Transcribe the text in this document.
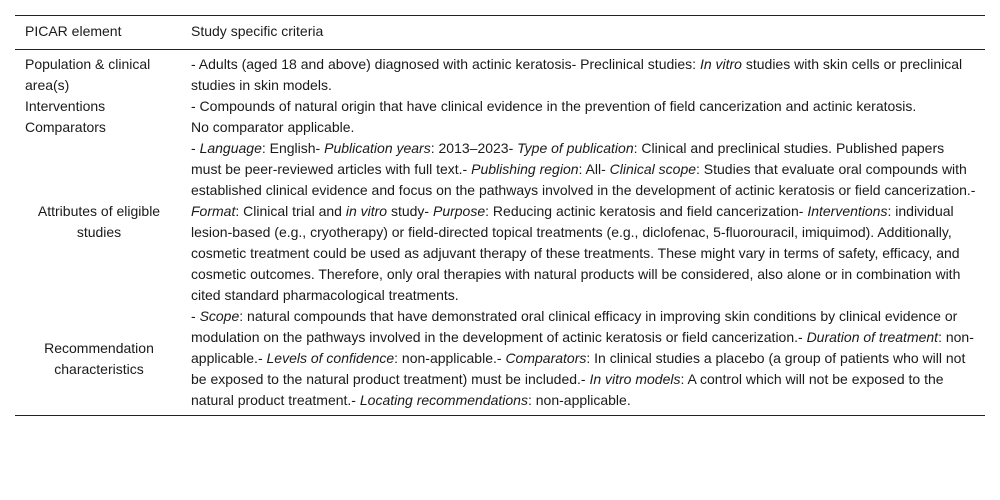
PICAR element	Study specific criteria
Population & clinical area(s)	- Adults (aged 18 and above) diagnosed with actinic keratosis- Preclinical studies: In vitro studies with skin cells or preclinical studies in skin models.
Interventions	- Compounds of natural origin that have clinical evidence in the prevention of field cancerization and actinic keratosis.
Comparators	No comparator applicable.
Attributes of eligible studies	- Language: English- Publication years: 2013–2023- Type of publication: Clinical and preclinical studies. Published papers must be peer-reviewed articles with full text.- Publishing region: All- Clinical scope: Studies that evaluate oral compounds with established clinical evidence and focus on the pathways involved in the development of actinic keratosis or field cancerization.- Format: Clinical trial and in vitro study- Purpose: Reducing actinic keratosis and field cancerization- Interventions: individual lesion-based (e.g., cryotherapy) or field-directed topical treatments (e.g., diclofenac, 5-fluorouracil, imiquimod). Additionally, cosmetic treatment could be used as adjuvant therapy of these treatments. These might vary in terms of safety, efficacy, and cosmetic outcomes. Therefore, only oral therapies with natural products will be considered, also alone or in combination with cited standard pharmacological treatments.
Recommendation characteristics	- Scope: natural compounds that have demonstrated oral clinical efficacy in improving skin conditions by clinical evidence or modulation on the pathways involved in the development of actinic keratosis or field cancerization.- Duration of treatment: non-applicable.- Levels of confidence: non-applicable.- Comparators: In clinical studies a placebo (a group of patients who will not be exposed to the natural product treatment) must be included.- In vitro models: A control which will not be exposed to the natural product treatment.- Locating recommendations: non-applicable.
